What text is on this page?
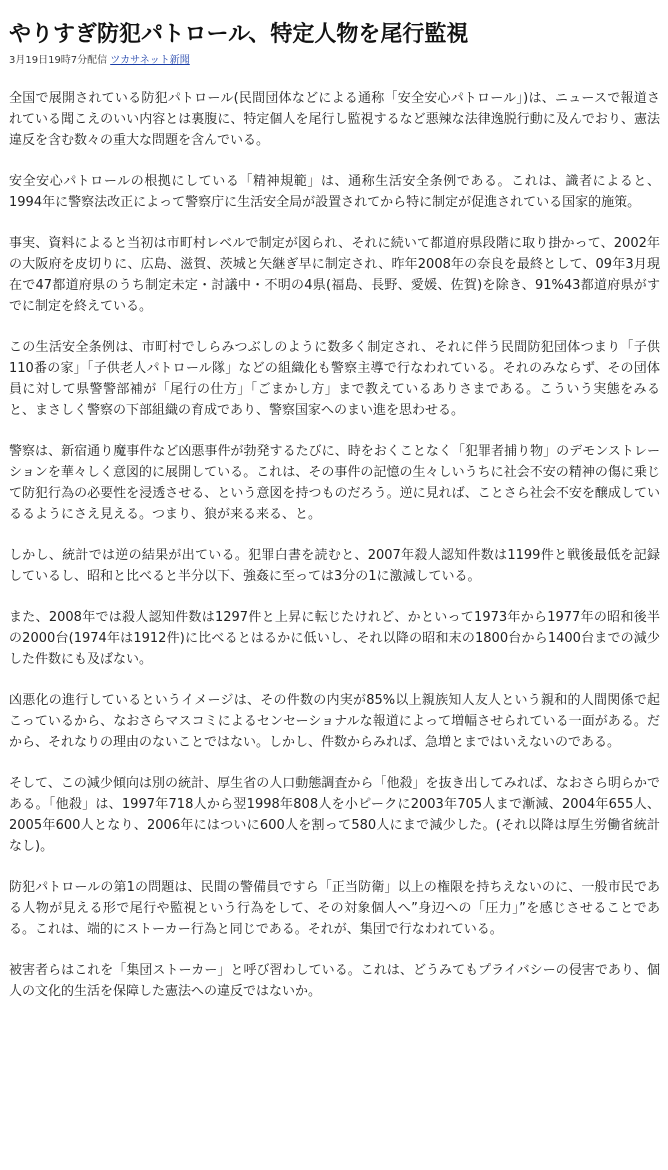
やりすぎ防犯パトロール、特定人物を尾行監視
3月19日19時7分配信 ツカサネット新聞

全国で展開されている防犯パトロール(民間団体などによる通称「安全安心パトロール」)は、ニュースで報道されている聞こえのいい内容とは裏腹に、特定個人を尾行し監視するなど悪辣な法律逸脱行動に及んでおり、憲法違反を含む数々の重大な問題を含んでいる。

安全安心パトロールの根拠にしている「精神規範」は、通称生活安全条例である。これは、識者によると、1994年に警察法改正によって警察庁に生活安全局が設置されてから特に制定が促進されている国家的施策。

事実、資料によると当初は市町村レベルで制定が図られ、それに続いて都道府県段階に取り掛かって、2002年の大阪府を皮切りに、広島、滋賀、茨城と矢継ぎ早に制定され、昨年2008年の奈良を最終として、09年3月現在で47都道府県のうち制定未定・討議中・不明の4県(福島、長野、愛媛、佐賀)を除き、91%43都道府県がすでに制定を終えている。

この生活安全条例は、市町村でしらみつぶしのように数多く制定され、それに伴う民間防犯団体つまり「子供110番の家」「子供老人パトロール隊」などの組織化も警察主導で行なわれている。それのみならず、その団体員に対して県警警部補が「尾行の仕方」「ごまかし方」まで教えているありさまである。こういう実態をみると、まさしく警察の下部組織の育成であり、警察国家へのまい進を思わせる。

警察は、新宿通り魔事件など凶悪事件が勃発するたびに、時をおくことなく「犯罪者捕り物」のデモンストレーションを華々しく意図的に展開している。これは、その事件の記憶の生々しいうちに社会不安の精神の傷に乗じて防犯行為の必要性を浸透させる、という意図を持つものだろう。逆に見れば、ことさら社会不安を醸成しているるようにさえ見える。つまり、狼が来る来る、と。

しかし、統計では逆の結果が出ている。犯罪白書を読むと、2007年殺人認知件数は1199件と戦後最低を記録しているし、昭和と比べると半分以下、強姦に至っては3分の1に激減している。

また、2008年では殺人認知件数は1297件と上昇に転じたけれど、かといって1973年から1977年の昭和後半の2000台(1974年は1912件)に比べるとはるかに低いし、それ以降の昭和末の1800台から1400台までの減少した件数にも及ばない。

凶悪化の進行しているというイメージは、その件数の内実が85%以上親族知人友人という親和的人間関係で起こっているから、なおさらマスコミによるセンセーショナルな報道によって増幅させられている一面がある。だから、それなりの理由のないことではない。しかし、件数からみれば、急増とまではいえないのである。

そして、この減少傾向は別の統計、厚生省の人口動態調査から「他殺」を抜き出してみれば、なおさら明らかである。「他殺」は、1997年718人から翌1998年808人を小ピークに2003年705人まで漸減、2004年655人、2005年600人となり、2006年にはついに600人を割って580人にまで減少した。(それ以降は厚生労働省統計なし)。

防犯パトロールの第1の問題は、民間の警備員ですら「正当防衛」以上の権限を持ちえないのに、一般市民である人物が見える形で尾行や監視という行為をして、その対象個人へ”身辺への「圧力」”を感じさせることである。これは、端的にストーカー行為と同じである。それが、集団で行なわれている。

被害者らはこれを「集団ストーカー」と呼び習わしている。これは、どうみてもプライバシーの侵害であり、個人の文化的生活を保障した憲法への違反ではないか。
